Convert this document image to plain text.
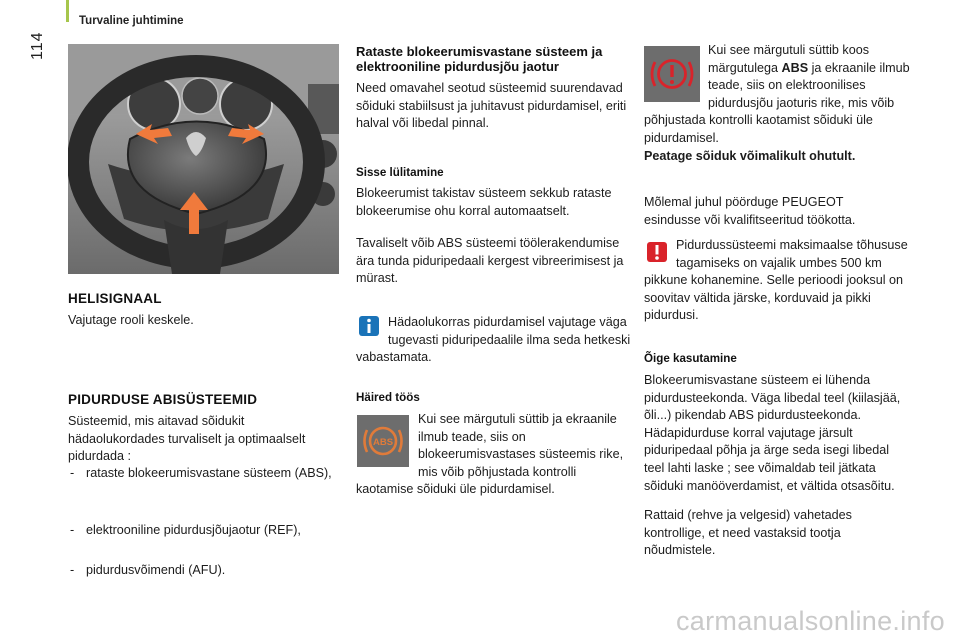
Turvaline juhtimine
114
HELISIGNAAL
Vajutage rooli keskele.
PIDURDUSE ABISÜSTEEMID
Süsteemid, mis aitavad sõidukit hädaolukordades turvaliselt ja optimaalselt pidurdada :
- rataste blokeerumisvastane süsteem (ABS),
- elektrooniline pidurdusjõujaotur (REF),
- pidurdusvõimendi (AFU).
Rataste blokeerumisvastane süsteem ja elektrooniline pidurdusjõu jaotur
Need omavahel seotud süsteemid suurendavad sõiduki stabiilsust ja juhitavust pidurdamisel, eriti halval või libedal pinnal.
Sisse lülitamine
Blokeerumist takistav süsteem sekkub rataste blokeerumise ohu korral automaatselt.
Tavaliselt võib ABS süsteemi töölerakendumise ära tunda piduripedaali kergest vibreerimisest ja mürast.
Hädaolukorras pidurdamisel vajutage väga tugevasti piduripedaalile ilma seda hetkeski vabastamata.
Häired töös
ABS
Kui see märgutuli süttib ja ekraanile ilmub teade, siis on blokeerumisvastases süsteemis rike, mis võib põhjustada kontrolli kaotamise sõiduki üle pidurdamisel.
Kui see märgutuli süttib koos märgutulega ABS ja ekraanile ilmub teade, siis on elektroonilises pidurdusjõu jaoturis rike, mis võib põhjustada kontrolli kaotamist sõiduki üle pidurdamisel.
Peatage sõiduk võimalikult ohutult.
Mõlemal juhul pöörduge PEUGEOT esindusse või kvalifitseeritud töökotta.
Pidurdussüsteemi maksimaalse tõhususe tagamiseks on vajalik umbes 500 km pikkune kohanemine. Selle perioodi jooksul on soovitav vältida järske, korduvaid ja pikki pidurdusi.
Õige kasutamine
Blokeerumisvastane süsteem ei lühenda pidurdusteekonda. Väga libedal teel (kiilasjää, õli...) pikendab ABS pidurdusteekonda. Hädapidurduse korral vajutage järsult piduripedaal põhja ja ärge seda isegi libedal teel lahti laske ; see võimaldab teil jätkata sõiduki manööverdamist, et vältida otsasõitu.
Rattaid (rehve ja velgesid) vahetades kontrollige, et need vastaksid tootja nõudmistele.
carmanualsonline.info
